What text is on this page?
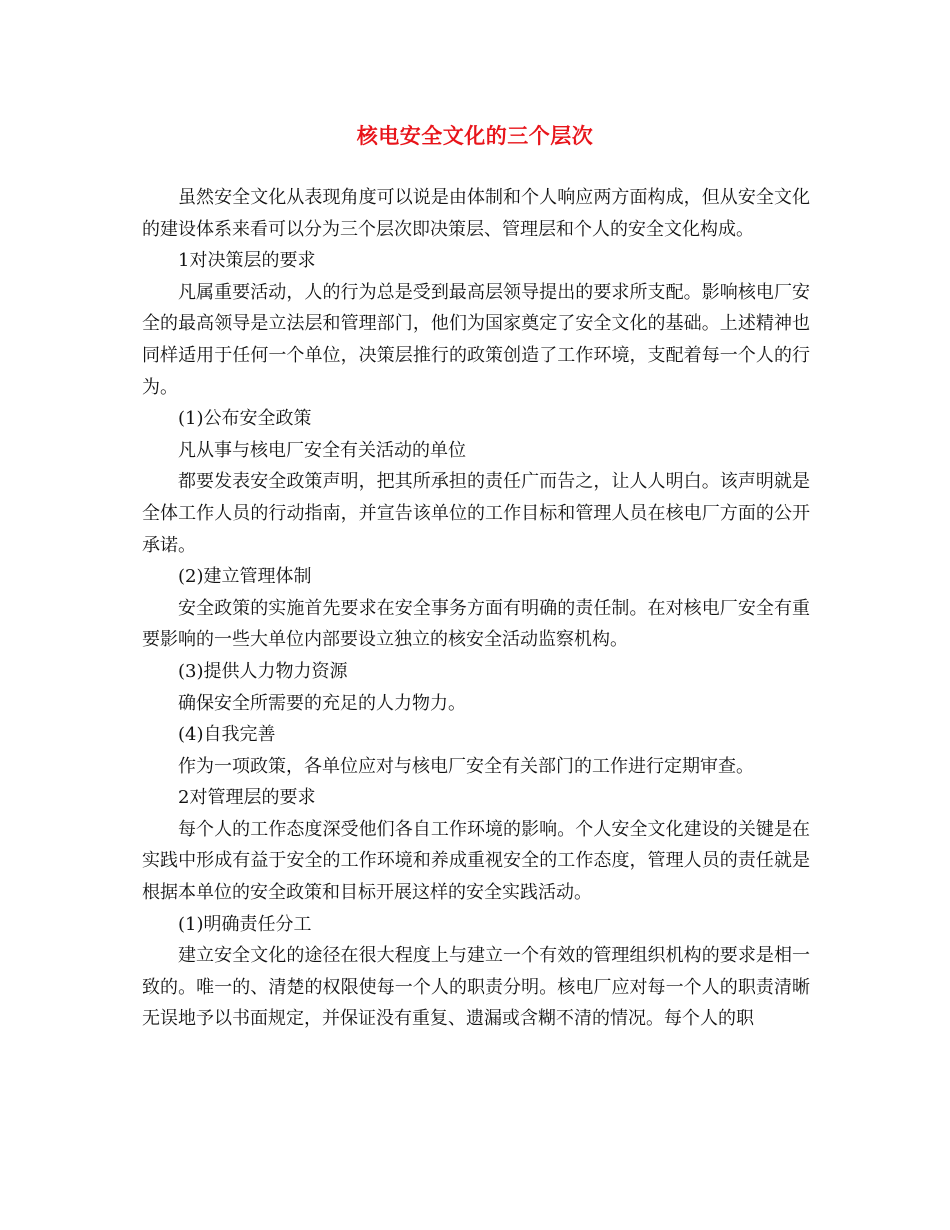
核电安全文化的三个层次

虽然安全文化从表现角度可以说是由体制和个人响应两方面构成，但从安全文化的建设体系来看可以分为三个层次即决策层、管理层和个人的安全文化构成。

1对决策层的要求

凡属重要活动，人的行为总是受到最高层领导提出的要求所支配。影响核电厂安全的最高领导是立法层和管理部门，他们为国家奠定了安全文化的基础。上述精神也同样适用于任何一个单位，决策层推行的政策创造了工作环境，支配着每一个人的行为。

(1)公布安全政策

凡从事与核电厂安全有关活动的单位

都要发表安全政策声明，把其所承担的责任广而告之，让人人明白。该声明就是全体工作人员的行动指南，并宣告该单位的工作目标和管理人员在核电厂方面的公开承诺。

(2)建立管理体制

安全政策的实施首先要求在安全事务方面有明确的责任制。在对核电厂安全有重要影响的一些大单位内部要设立独立的核安全活动监察机构。

(3)提供人力物力资源

确保安全所需要的充足的人力物力。

(4)自我完善

作为一项政策，各单位应对与核电厂安全有关部门的工作进行定期审查。

2对管理层的要求

每个人的工作态度深受他们各自工作环境的影响。个人安全文化建设的关键是在实践中形成有益于安全的工作环境和养成重视安全的工作态度，管理人员的责任就是根据本单位的安全政策和目标开展这样的安全实践活动。

(1)明确责任分工

建立安全文化的途径在很大程度上与建立一个有效的管理组织机构的要求是相一致的。唯一的、清楚的权限使每一个人的职责分明。核电厂应对每一个人的职责清晰无误地予以书面规定，并保证没有重复、遗漏或含糊不清的情况。每个人的职
